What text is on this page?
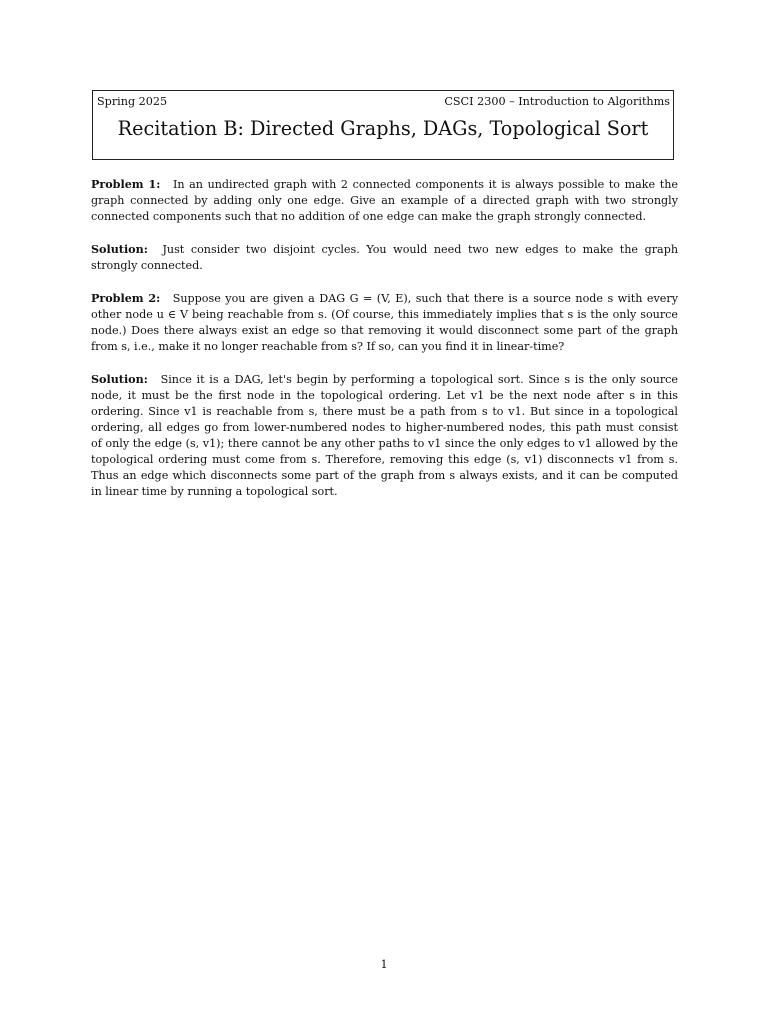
Spring 2025	CSCI 2300 – Introduction to Algorithms
Recitation B: Directed Graphs, DAGs, Topological Sort

Problem 1: In an undirected graph with 2 connected components it is always possible to make the graph connected by adding only one edge. Give an example of a directed graph with two strongly connected components such that no addition of one edge can make the graph strongly connected.

Solution: Just consider two disjoint cycles. You would need two new edges to make the graph strongly connected.

Problem 2: Suppose you are given a DAG G = (V, E), such that there is a source node s with every other node u ∈ V being reachable from s. (Of course, this immediately implies that s is the only source node.) Does there always exist an edge so that removing it would disconnect some part of the graph from s, i.e., make it no longer reachable from s? If so, can you find it in linear-time?

Solution: Since it is a DAG, let's begin by performing a topological sort. Since s is the only source node, it must be the first node in the topological ordering. Let v1 be the next node after s in this ordering. Since v1 is reachable from s, there must be a path from s to v1. But since in a topological ordering, all edges go from lower-numbered nodes to higher-numbered nodes, this path must consist of only the edge (s, v1); there cannot be any other paths to v1 since the only edges to v1 allowed by the topological ordering must come from s. Therefore, removing this edge (s, v1) disconnects v1 from s. Thus an edge which disconnects some part of the graph from s always exists, and it can be computed in linear time by running a topological sort.

1
